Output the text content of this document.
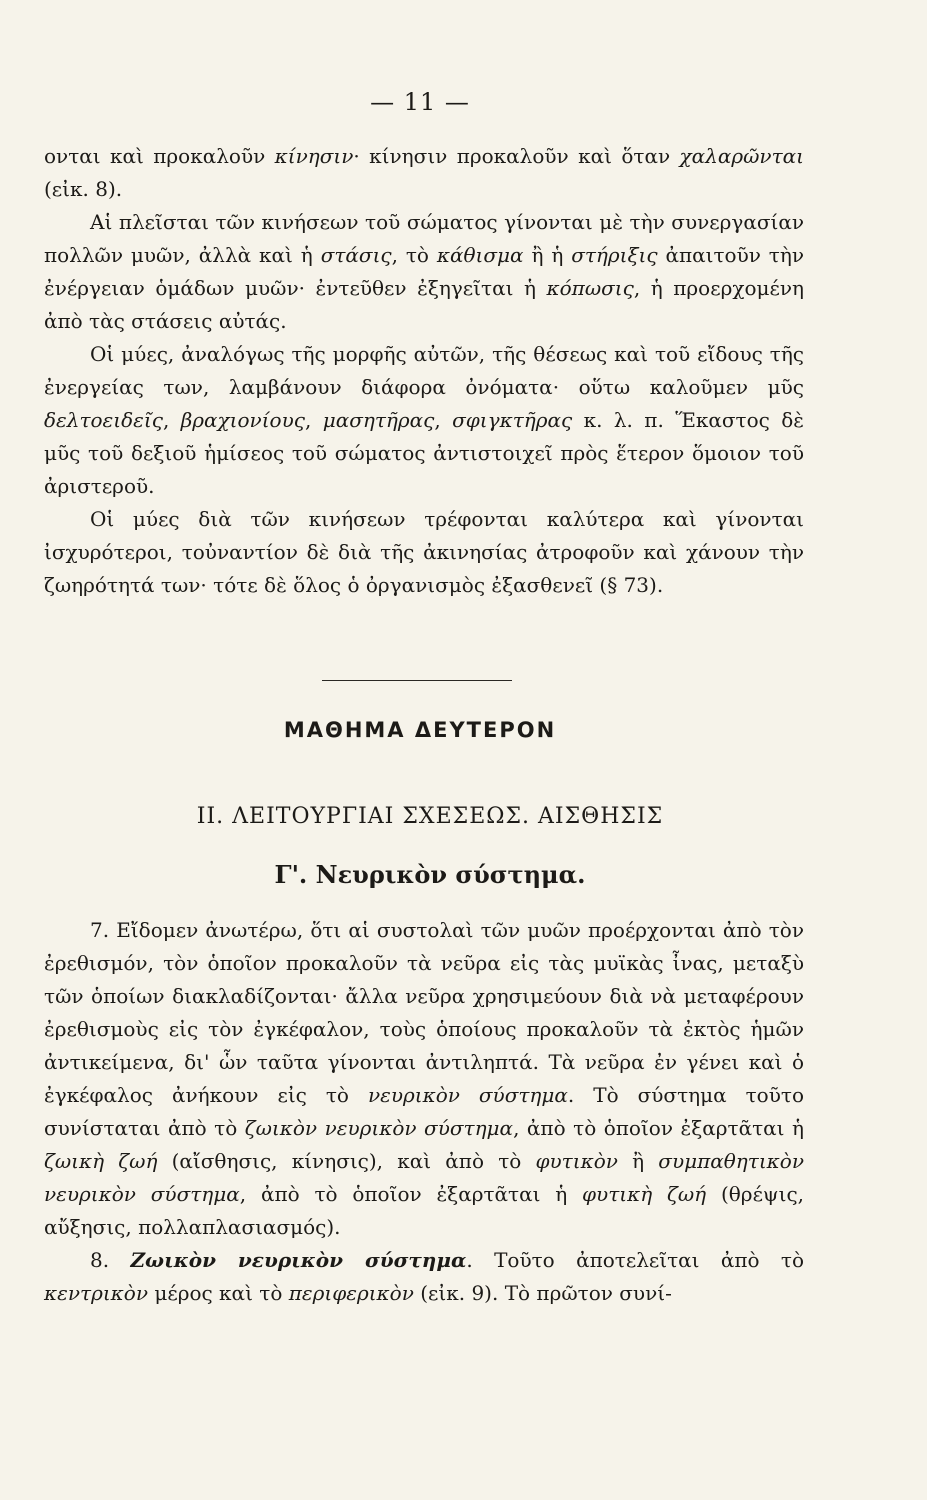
— 11 —

ονται καὶ προκαλοῦν κίνησιν· κίνησιν προκαλοῦν καὶ ὅταν χαλαρῶνται (εἰκ. 8).

Αἱ πλεῖσται τῶν κινήσεων τοῦ σώματος γίνονται μὲ τὴν συνεργασίαν πολλῶν μυῶν, ἀλλὰ καὶ ἡ στάσις, τὸ κάθισμα ἢ ἡ στήριξις ἀπαιτοῦν τὴν ἐνέργειαν ὁμάδων μυῶν· ἐντεῦθεν ἐξηγεῖται ἡ κόπωσις, ἡ προερχομένη ἀπὸ τὰς στάσεις αὐτάς.

Οἱ μύες, ἀναλόγως τῆς μορφῆς αὐτῶν, τῆς θέσεως καὶ τοῦ εἴδους τῆς ἐνεργείας των, λαμβάνουν διάφορα ὀνόματα· οὕτω καλοῦμεν μῦς δελτοειδεῖς, βραχιονίους, μασητῆρας, σφιγκτῆρας κ. λ. π. Ἕκαστος δὲ μῦς τοῦ δεξιοῦ ἡμίσεος τοῦ σώματος ἀντιστοιχεῖ πρὸς ἕτερον ὅμοιον τοῦ ἀριστεροῦ.

Οἱ μύες διὰ τῶν κινήσεων τρέφονται καλύτερα καὶ γίνονται ἰσχυρότεροι, τοὐναντίον δὲ διὰ τῆς ἀκινησίας ἀτροφοῦν καὶ χάνουν τὴν ζωηρότητά των· τότε δὲ ὅλος ὁ ὀργανισμὸς ἐξασθενεῖ (§ 73).

ΜΑΘΗΜΑ ΔΕΥΤΕΡΟΝ
II. ΛΕΙΤΟΥΡΓΙΑΙ ΣΧΕΣΕΩΣ. ΑΙΣΘΗΣΙΣ
Γ'. Νευρικὸν σύστημα.

7. Εἴδομεν ἀνωτέρω, ὅτι αἱ συστολαὶ τῶν μυῶν προέρχονται ἀπὸ τὸν ἐρεθισμόν, τὸν ὁποῖον προκαλοῦν τὰ νεῦρα εἰς τὰς μυϊκὰς ἶνας, μεταξὺ τῶν ὁποίων διακλαδίζονται· ἄλλα νεῦρα χρησιμεύουν διὰ νὰ μεταφέρουν ἐρεθισμοὺς εἰς τὸν ἐγκέφαλον, τοὺς ὁποίους προκαλοῦν τὰ ἐκτὸς ἡμῶν ἀντικείμενα, δι' ὧν ταῦτα γίνονται ἀντιληπτά. Τὰ νεῦρα ἐν γένει καὶ ὁ ἐγκέφαλος ἀνήκουν εἰς τὸ νευρικὸν σύστημα. Τὸ σύστημα τοῦτο συνίσταται ἀπὸ τὸ ζωικὸν νευρικὸν σύστημα, ἀπὸ τὸ ὁποῖον ἐξαρτᾶται ἡ ζωικὴ ζωή (αἴσθησις, κίνησις), καὶ ἀπὸ τὸ φυτικὸν ἢ συμπαθητικὸν νευρικὸν σύστημα, ἀπὸ τὸ ὁποῖον ἐξαρτᾶται ἡ φυτικὴ ζωή (θρέψις, αὔξησις, πολλαπλασιασμός).

8. Ζωικὸν νευρικὸν σύστημα. Τοῦτο ἀποτελεῖται ἀπὸ τὸ κεντρικὸν μέρος καὶ τὸ περιφερικὸν (εἰκ. 9). Τὸ πρῶτον συνί-
